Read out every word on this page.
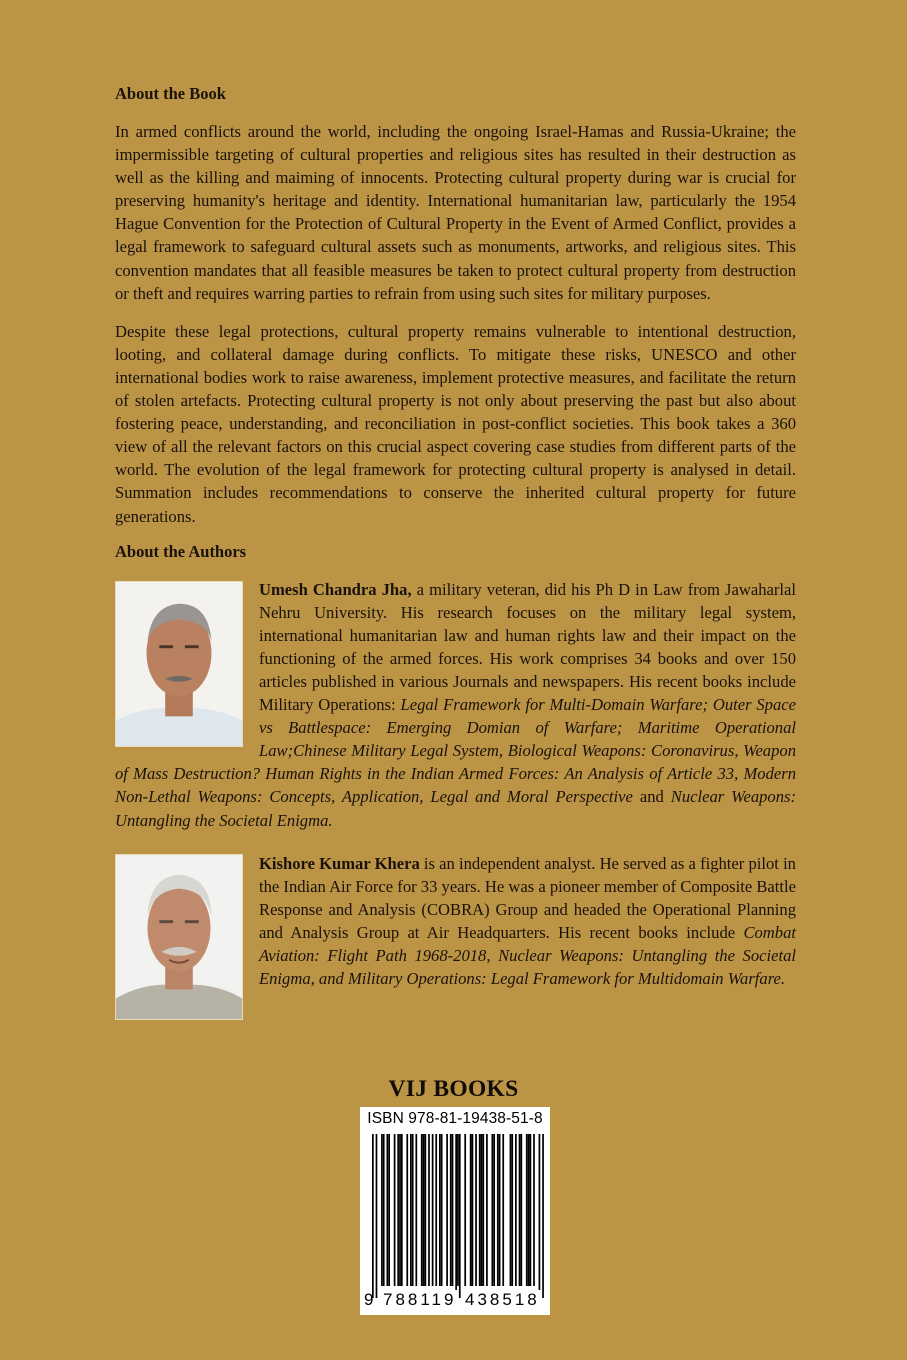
About the Book

In armed conflicts around the world, including the ongoing Israel-Hamas and Russia-Ukraine; the impermissible targeting of cultural properties and religious sites has resulted in their destruction as well as the killing and maiming of innocents. Protecting cultural property during war is crucial for preserving humanity's heritage and identity. International humanitarian law, particularly the 1954 Hague Convention for the Protection of Cultural Property in the Event of Armed Conflict, provides a legal framework to safeguard cultural assets such as monuments, artworks, and religious sites. This convention mandates that all feasible measures be taken to protect cultural property from destruction or theft and requires warring parties to refrain from using such sites for military purposes.

Despite these legal protections, cultural property remains vulnerable to intentional destruction, looting, and collateral damage during conflicts. To mitigate these risks, UNESCO and other international bodies work to raise awareness, implement protective measures, and facilitate the return of stolen artefacts. Protecting cultural property is not only about preserving the past but also about fostering peace, understanding, and reconciliation in post-conflict societies. This book takes a 360 view of all the relevant factors on this crucial aspect covering case studies from different parts of the world. The evolution of the legal framework for protecting cultural property is analysed in detail. Summation includes recommendations to conserve the inherited cultural property for future generations.

About the Authors

Umesh Chandra Jha, a military veteran, did his Ph D in Law from Jawaharlal Nehru University. His research focuses on the military legal system, international humanitarian law and human rights law and their impact on the functioning of the armed forces. His work comprises 34 books and over 150 articles published in various Journals and newspapers. His recent books include Military Operations: Legal Framework for Multi-Domain Warfare; Outer Space vs Battlespace: Emerging Domian of Warfare; Maritime Operational Law;Chinese Military Legal System, Biological Weapons: Coronavirus, Weapon of Mass Destruction? Human Rights in the Indian Armed Forces: An Analysis of Article 33, Modern Non-Lethal Weapons: Concepts, Application, Legal and Moral Perspective and Nuclear Weapons: Untangling the Societal Enigma.

Kishore Kumar Khera is an independent analyst. He served as a fighter pilot in the Indian Air Force for 33 years. He was a pioneer member of Composite Battle Response and Analysis (COBRA) Group and headed the Operational Planning and Analysis Group at Air Headquarters. His recent books include Combat Aviation: Flight Path 1968-2018, Nuclear Weapons: Untangling the Societal Enigma, and Military Operations: Legal Framework for Multidomain Warfare.

VIJ BOOKS
ISBN 978-81-19438-51-8
9 788119 438518
